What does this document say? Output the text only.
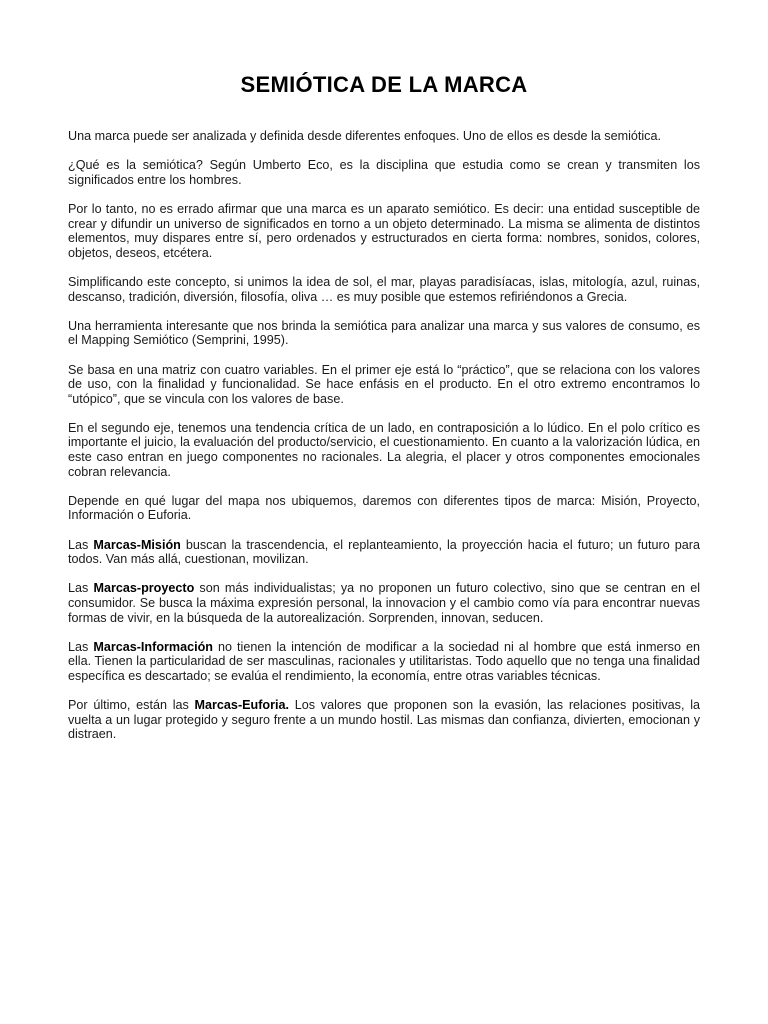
SEMIÓTICA DE LA MARCA

Una marca puede ser analizada y definida desde diferentes enfoques. Uno de ellos es desde la semiótica.

¿Qué es la semiótica? Según Umberto Eco, es la disciplina que estudia como se crean y transmiten los significados entre los hombres.

Por lo tanto, no es errado afirmar que una marca es un aparato semiótico. Es decir: una entidad susceptible de crear y difundir un universo de significados en torno a un objeto determinado. La misma se alimenta de distintos elementos, muy dispares entre sí, pero ordenados y estructurados en cierta forma: nombres, sonidos, colores, objetos, deseos, etcétera.

Simplificando este concepto, si unimos la idea de sol, el mar, playas paradisíacas, islas, mitología, azul, ruinas, descanso, tradición, diversión, filosofía, oliva … es muy posible que estemos refiriéndonos a Grecia.

Una herramienta interesante que nos brinda la semiótica para analizar una marca y sus valores de consumo, es el Mapping Semiótico (Semprini, 1995).

Se basa en una matriz con cuatro variables. En el primer eje está lo “práctico”, que se relaciona con los valores de uso, con la finalidad y funcionalidad. Se hace enfásis en el producto. En el otro extremo encontramos lo “utópico”, que se vincula con los valores de base.

En el segundo eje, tenemos una tendencia crítica de un lado, en contraposición a lo lúdico. En el polo crítico es importante el juicio, la evaluación del producto/servicio, el cuestionamiento. En cuanto a la valorización lúdica, en este caso entran en juego componentes no racionales. La alegria, el placer y otros componentes emocionales cobran relevancia.

Depende en qué lugar del mapa nos ubiquemos, daremos con diferentes tipos de marca: Misión, Proyecto, Información o Euforia.

Las Marcas-Misión buscan la trascendencia, el replanteamiento, la proyección hacia el futuro; un futuro para todos. Van más allá, cuestionan, movilizan.

Las Marcas-proyecto son más individualistas; ya no proponen un futuro colectivo, sino que se centran en el consumidor. Se busca la máxima expresión personal, la innovacion y el cambio como vía para encontrar nuevas formas de vivir, en la búsqueda de la autorealización. Sorprenden, innovan, seducen.

Las Marcas-Información no tienen la intención de modificar a la sociedad ni al hombre que está inmerso en ella. Tienen la particularidad de ser masculinas, racionales y utilitaristas. Todo aquello que no tenga una finalidad específica es descartado; se evalúa el rendimiento, la economía, entre otras variables técnicas.

Por último, están las Marcas-Euforia. Los valores que proponen son la evasión, las relaciones positivas, la vuelta a un lugar protegido y seguro frente a un mundo hostil. Las mismas dan confianza, divierten, emocionan y distraen.
